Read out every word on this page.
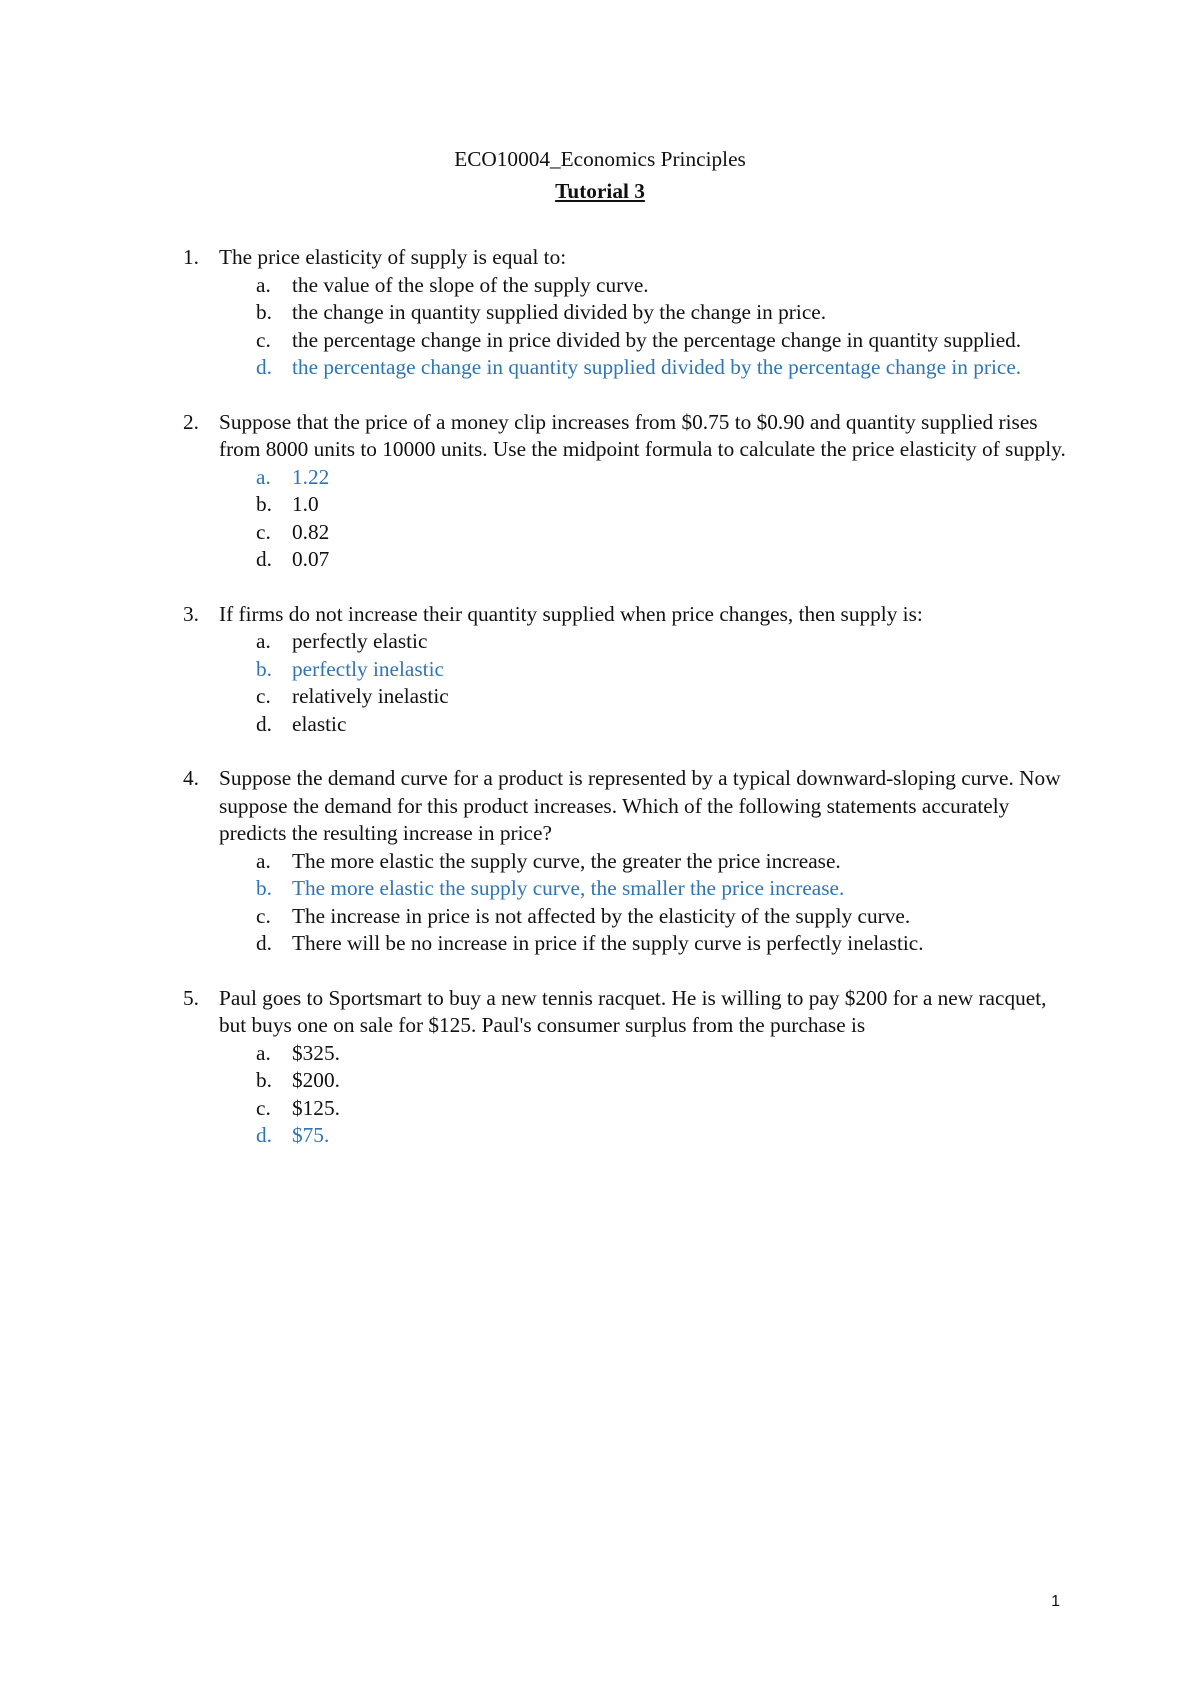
ECO10004_Economics Principles
Tutorial 3
1. The price elasticity of supply is equal to:
a. the value of the slope of the supply curve.
b. the change in quantity supplied divided by the change in price.
c. the percentage change in price divided by the percentage change in quantity supplied.
d. the percentage change in quantity supplied divided by the percentage change in price.
2. Suppose that the price of a money clip increases from $0.75 to $0.90 and quantity supplied rises from 8000 units to 10000 units. Use the midpoint formula to calculate the price elasticity of supply.
a. 1.22
b. 1.0
c. 0.82
d. 0.07
3. If firms do not increase their quantity supplied when price changes, then supply is:
a. perfectly elastic
b. perfectly inelastic
c. relatively inelastic
d. elastic
4. Suppose the demand curve for a product is represented by a typical downward-sloping curve. Now suppose the demand for this product increases. Which of the following statements accurately predicts the resulting increase in price?
a. The more elastic the supply curve, the greater the price increase.
b. The more elastic the supply curve, the smaller the price increase.
c. The increase in price is not affected by the elasticity of the supply curve.
d. There will be no increase in price if the supply curve is perfectly inelastic.
5. Paul goes to Sportsmart to buy a new tennis racquet. He is willing to pay $200 for a new racquet, but buys one on sale for $125. Paul's consumer surplus from the purchase is
a. $325.
b. $200.
c. $125.
d. $75.
1
